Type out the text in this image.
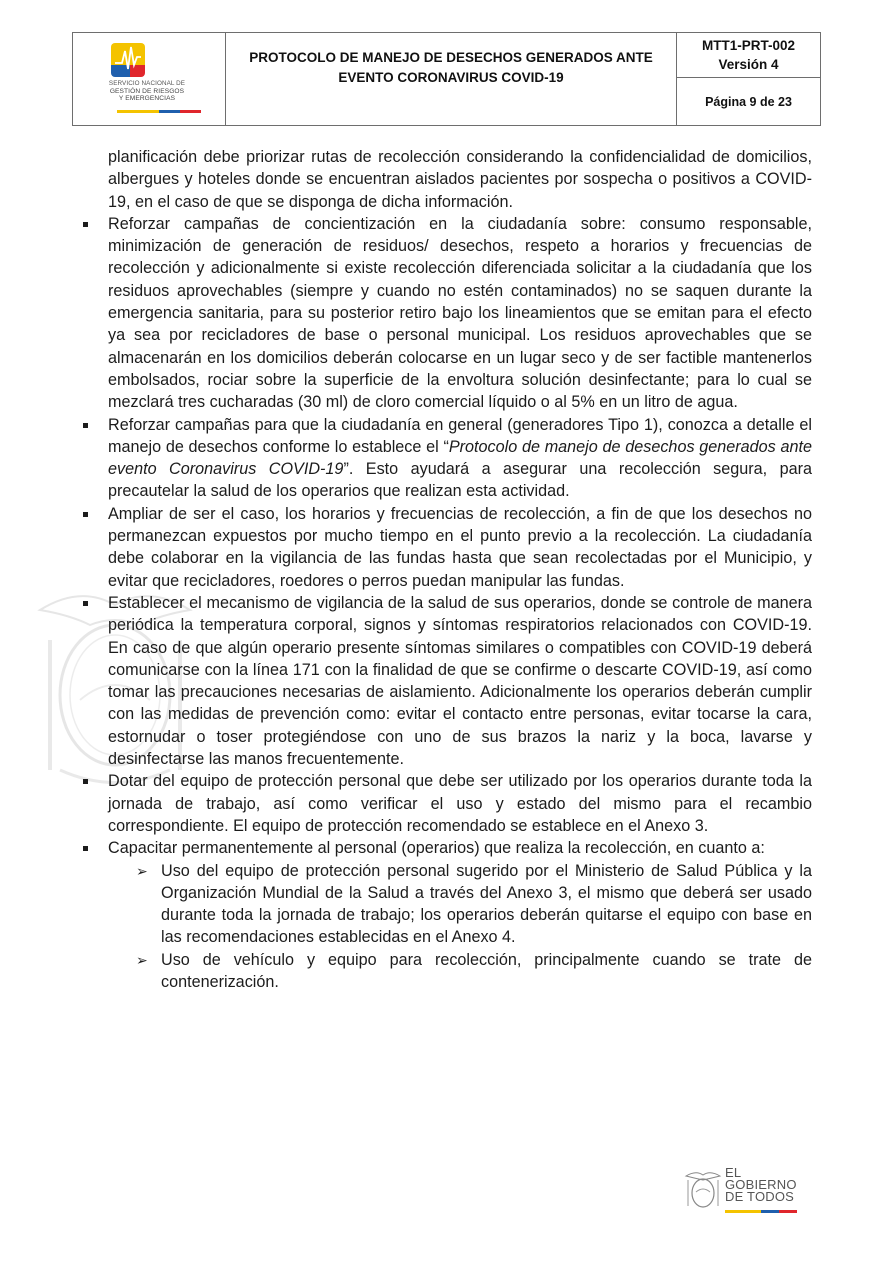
SERVICIO NACIONAL DE
GESTIÓN DE RIESGOS
Y EMERGENCIAS
PROTOCOLO DE MANEJO DE DESECHOS GENERADOS ANTE
EVENTO CORONAVIRUS COVID-19
MTT1-PRT-002
Versión 4
Página 9 de 23

planificación debe priorizar rutas de recolección considerando la confidencialidad de domicilios, albergues y hoteles donde se encuentran aislados pacientes por sospecha o positivos a COVID-19, en el caso de que se disponga de dicha información.

Reforzar campañas de concientización en la ciudadanía sobre: consumo responsable, minimización de generación de residuos/ desechos, respeto a horarios y frecuencias de recolección y adicionalmente si existe recolección diferenciada solicitar a la ciudadanía que los residuos aprovechables (siempre y cuando no estén contaminados) no se saquen durante la emergencia sanitaria, para su posterior retiro bajo los lineamientos que se emitan para el efecto ya sea por recicladores de base o personal municipal. Los residuos aprovechables que se almacenarán en los domicilios deberán colocarse en un lugar seco y de ser factible mantenerlos embolsados, rociar sobre la superficie de la envoltura solución desinfectante; para lo cual se mezclará tres cucharadas (30 ml) de cloro comercial líquido o al 5% en un litro de agua.

Reforzar campañas para que la ciudadanía en general (generadores Tipo 1), conozca a detalle el manejo de desechos conforme lo establece el “Protocolo de manejo de desechos generados ante evento Coronavirus COVID-19”. Esto ayudará a asegurar una recolección segura, para precautelar la salud de los operarios que realizan esta actividad.

Ampliar de ser el caso, los horarios y frecuencias de recolección, a fin de que los desechos no permanezcan expuestos por mucho tiempo en el punto previo a la recolección. La ciudadanía debe colaborar en la vigilancia de las fundas hasta que sean recolectadas por el Municipio, y evitar que recicladores, roedores o perros puedan manipular las fundas.

Establecer el mecanismo de vigilancia de la salud de sus operarios, donde se controle de manera periódica la temperatura corporal, signos y síntomas respiratorios relacionados con COVID-19. En caso de que algún operario presente síntomas similares o compatibles con COVID-19 deberá comunicarse con la línea 171 con la finalidad de que se confirme o descarte COVID-19, así como tomar las precauciones necesarias de aislamiento. Adicionalmente los operarios deberán cumplir con las medidas de prevención como: evitar el contacto entre personas, evitar tocarse la cara, estornudar o toser protegiéndose con uno de sus brazos la nariz y la boca, lavarse y desinfectarse las manos frecuentemente.

Dotar del equipo de protección personal que debe ser utilizado por los operarios durante toda la jornada de trabajo, así como verificar el uso y estado del mismo para el recambio correspondiente. El equipo de protección recomendado se establece en el Anexo 3.

Capacitar permanentemente al personal (operarios) que realiza la recolección, en cuanto a:

➢ Uso del equipo de protección personal sugerido por el Ministerio de Salud Pública y la Organización Mundial de la Salud a través del Anexo 3, el mismo que deberá ser usado durante toda la jornada de trabajo; los operarios deberán quitarse el equipo con base en las recomendaciones establecidas en el Anexo 4.

➢ Uso de vehículo y equipo para recolección, principalmente cuando se trate de contenerización.

EL
GOBIERNO
DE TODOS
